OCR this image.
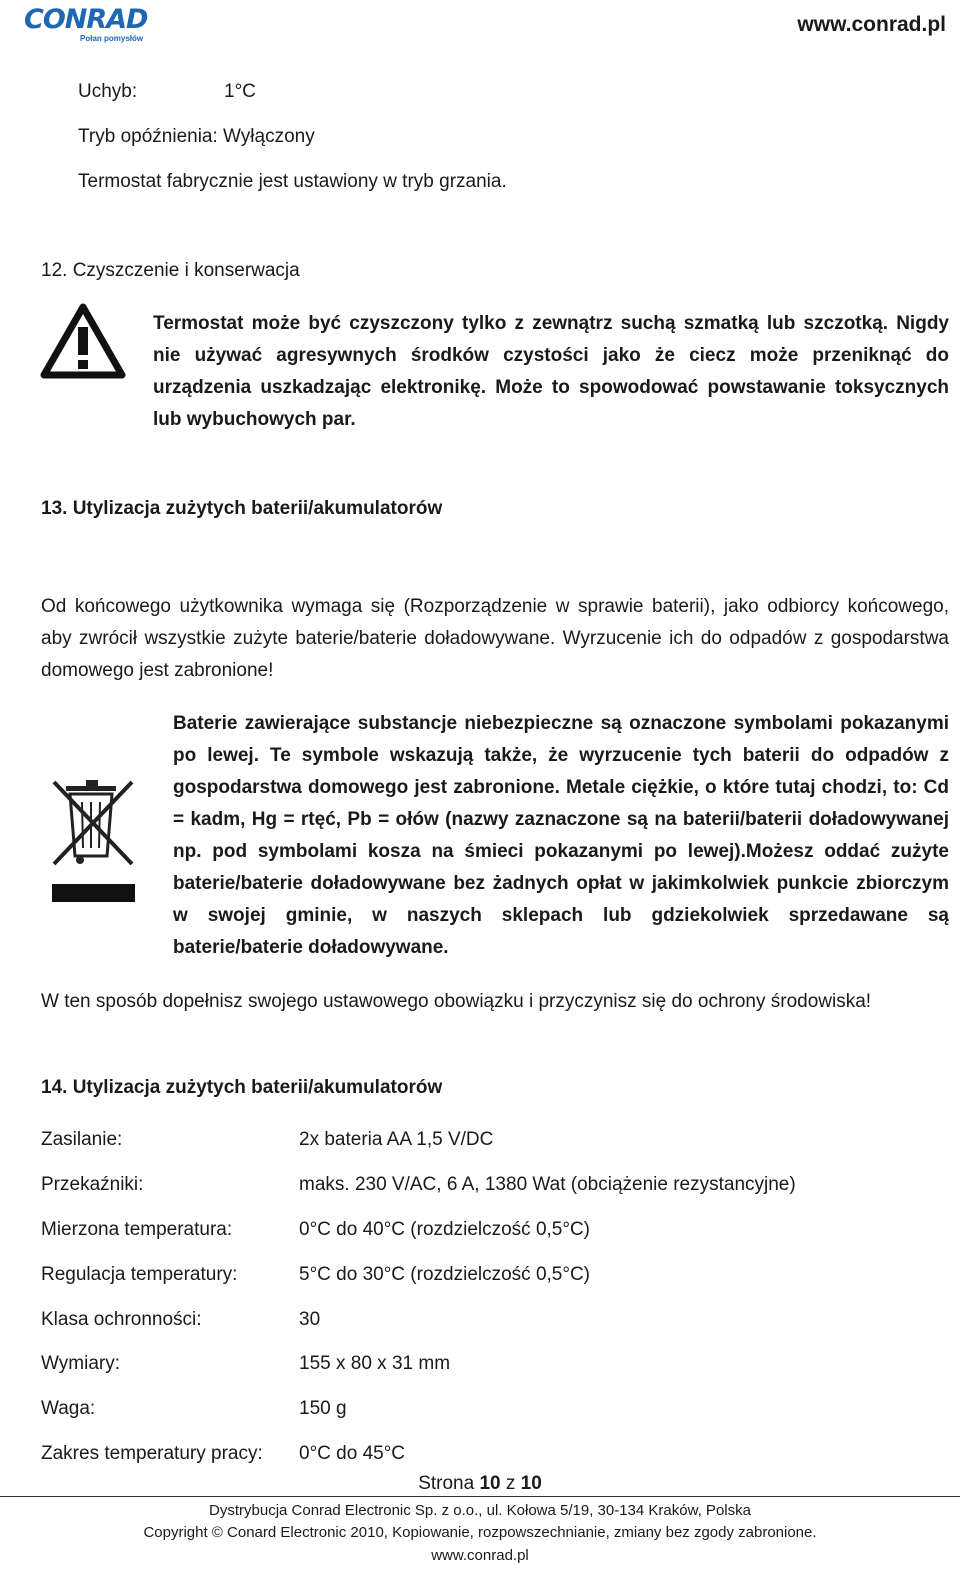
CONRAD
Połan pomysłów
www.conrad.pl
Uchyb:	1°C
Tryb opóźnienia: Wyłączony
Termostat fabrycznie jest ustawiony w tryb grzania.
12. Czyszczenie i konserwacja
Termostat może być czyszczony tylko z zewnątrz suchą szmatką lub szczotką. Nigdy nie używać agresywnych środków czystości jako że ciecz może przeniknąć do urządzenia uszkadzając elektronikę. Może to spowodować powstawanie toksycznych lub wybuchowych par.
13. Utylizacja zużytych baterii/akumulatorów
Od końcowego użytkownika wymaga się (Rozporządzenie w sprawie baterii), jako odbiorcy końcowego, aby zwrócił wszystkie zużyte baterie/baterie doładowywane. Wyrzucenie ich do odpadów z gospodarstwa domowego jest zabronione!
Baterie zawierające substancje niebezpieczne są oznaczone symbolami pokazanymi po lewej. Te symbole wskazują także, że wyrzucenie tych baterii do odpadów z gospodarstwa domowego jest zabronione. Metale ciężkie, o które tutaj chodzi, to: Cd = kadm, Hg = rtęć, Pb = ołów (nazwy zaznaczone są na baterii/baterii doładowywanej np. pod symbolami kosza na śmieci pokazanymi po lewej).Możesz oddać zużyte baterie/baterie doładowywane bez żadnych opłat w jakimkolwiek punkcie zbiorczym w swojej gminie, w naszych sklepach lub gdziekolwiek sprzedawane są baterie/baterie doładowywane.
W ten sposób dopełnisz swojego ustawowego obowiązku i przyczynisz się do ochrony środowiska!
14. Utylizacja zużytych baterii/akumulatorów
Zasilanie:	2x bateria AA 1,5 V/DC
Przekaźniki:	maks. 230 V/AC, 6 A, 1380 Wat (obciążenie rezystancyjne)
Mierzona temperatura:	0°C do 40°C (rozdzielczość 0,5°C)
Regulacja temperatury:	5°C do 30°C (rozdzielczość 0,5°C)
Klasa ochronności:	30
Wymiary:	155 x 80 x 31 mm
Waga:	150 g
Zakres temperatury pracy: 0°C do 45°C
Strona 10 z 10
Dystrybucja Conrad Electronic Sp. z o.o., ul. Kołowa 5/19, 30-134 Kraków, Polska
Copyright © Conard Electronic 2010, Kopiowanie, rozpowszechnianie, zmiany bez zgody zabronione.
www.conrad.pl
